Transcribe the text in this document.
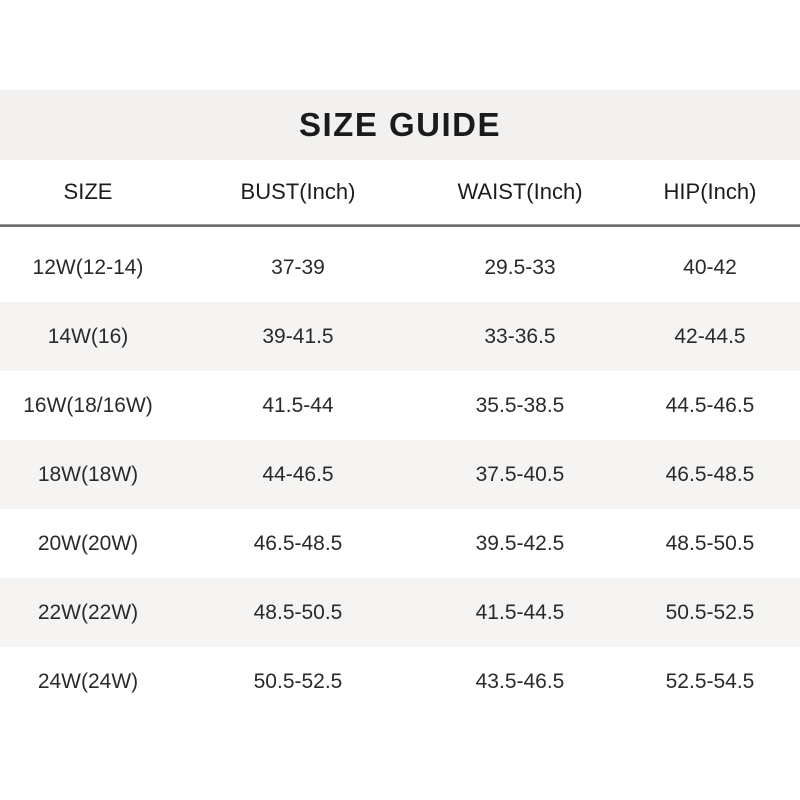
SIZE GUIDE
SIZE	BUST(Inch)	WAIST(Inch)	HIP(Inch)
12W(12-14)	37-39	29.5-33	40-42
14W(16)	39-41.5	33-36.5	42-44.5
16W(18/16W)	41.5-44	35.5-38.5	44.5-46.5
18W(18W)	44-46.5	37.5-40.5	46.5-48.5
20W(20W)	46.5-48.5	39.5-42.5	48.5-50.5
22W(22W)	48.5-50.5	41.5-44.5	50.5-52.5
24W(24W)	50.5-52.5	43.5-46.5	52.5-54.5
